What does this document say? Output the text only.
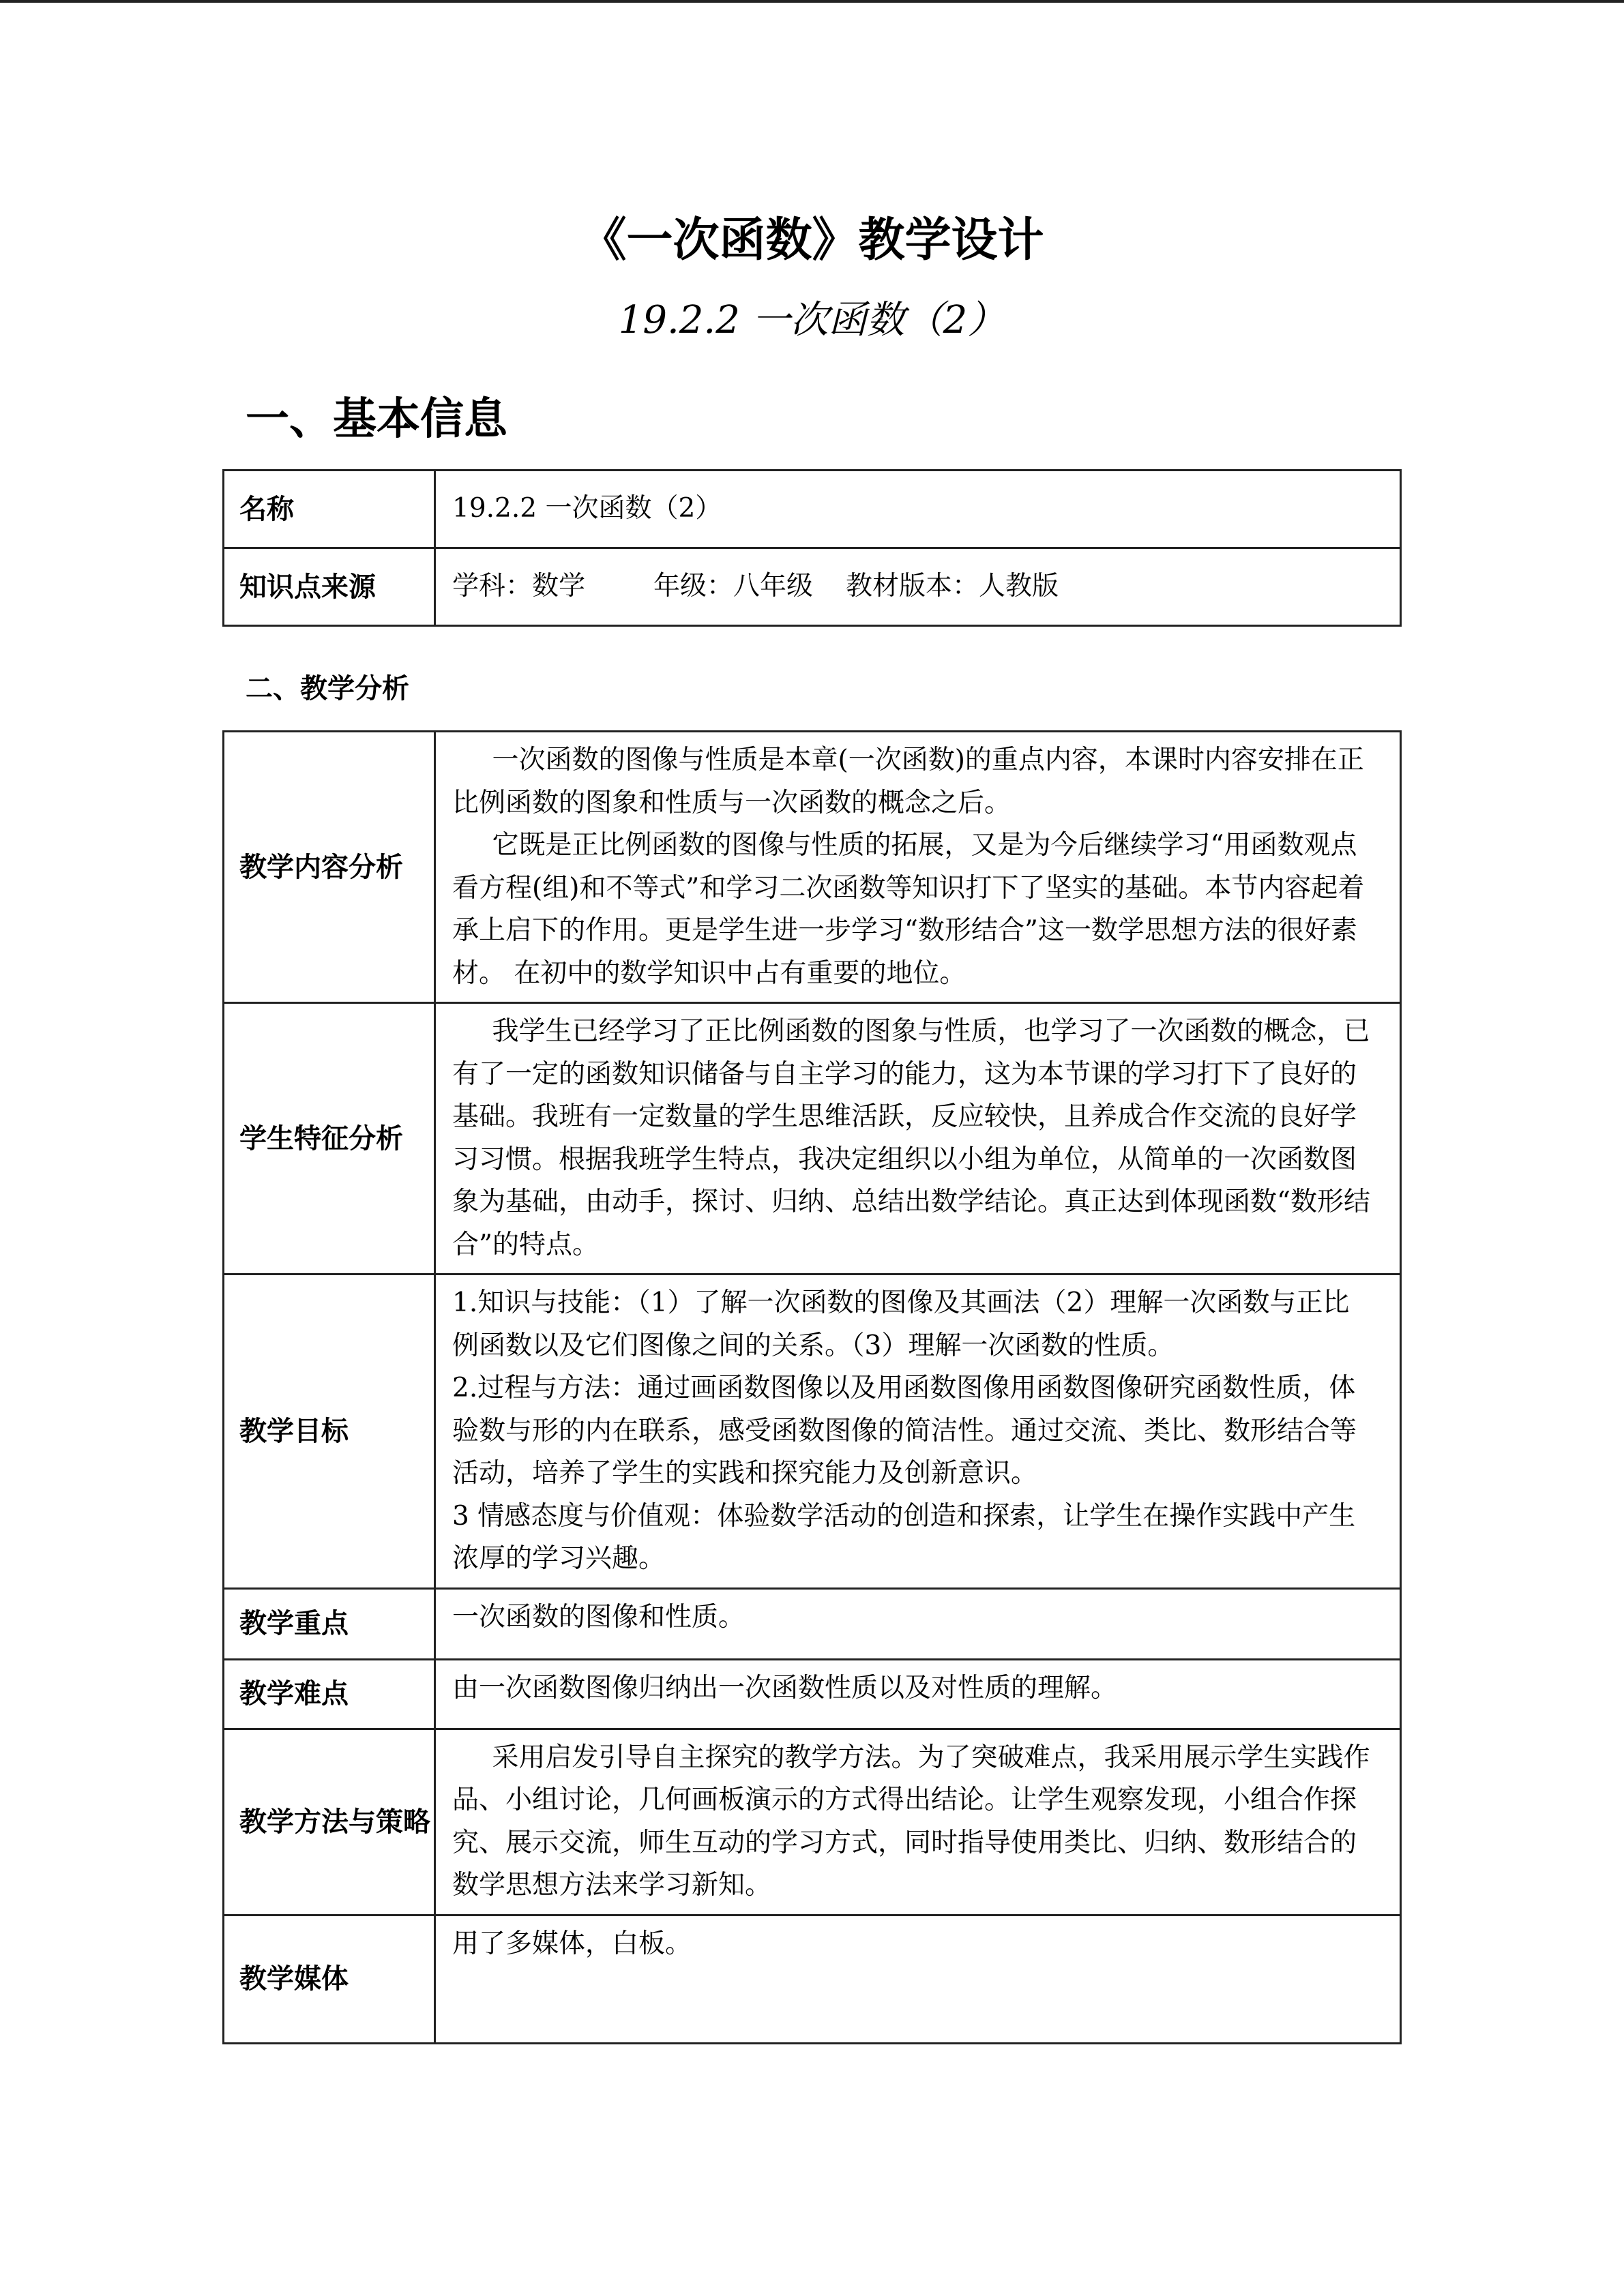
《一次函数》教学设计
19.2.2 一次函数（2）
一、基本信息
名称	19.2.2 一次函数（2）
知识点来源	学科：数学 年级：八年级 教材版本：人教版
二、教学分析
教学内容分析	一次函数的图像与性质是本章(一次函数)的重点内容，本课时内容安排在正比例函数的图象和性质与一次函数的概念之后。

它既是正比例函数的图像与性质的拓展，又是为今后继续学习“用函数观点看方程(组)和不等式”和学习二次函数等知识打下了坚实的基础。本节内容起着承上启下的作用。更是学生进一步学习“数形结合”这一数学思想方法的很好素材。 在初中的数学知识中占有重要的地位。

学生特征分析	我学生已经学习了正比例函数的图象与性质，也学习了一次函数的概念，已有了一定的函数知识储备与自主学习的能力，这为本节课的学习打下了良好的基础。我班有一定数量的学生思维活跃，反应较快，且养成合作交流的良好学习习惯。根据我班学生特点，我决定组织以小组为单位，从简单的一次函数图象为基础，由动手，探讨、归纳、总结出数学结论。真正达到体现函数“数形结合”的特点。

教学目标	1.知识与技能：（1）了解一次函数的图像及其画法（2）理解一次函数与正比例函数以及它们图像之间的关系。（3）理解一次函数的性质。

2.过程与方法：通过画函数图像以及用函数图像用函数图像研究函数性质，体验数与形的内在联系，感受函数图像的简洁性。通过交流、类比、数形结合等活动，培养了学生的实践和探究能力及创新意识。

3 情感态度与价值观：体验数学活动的创造和探索，让学生在操作实践中产生浓厚的学习兴趣。

教学重点	一次函数的图像和性质。
教学难点	由一次函数图像归纳出一次函数性质以及对性质的理解。
教学方法与策略	采用启发引导自主探究的教学方法。为了突破难点，我采用展示学生实践作品、小组讨论，几何画板演示的方式得出结论。让学生观察发现，小组合作探究、展示交流，师生互动的学习方式，同时指导使用类比、归纳、数形结合的数学思想方法来学习新知。

教学媒体	用了多媒体，白板。
